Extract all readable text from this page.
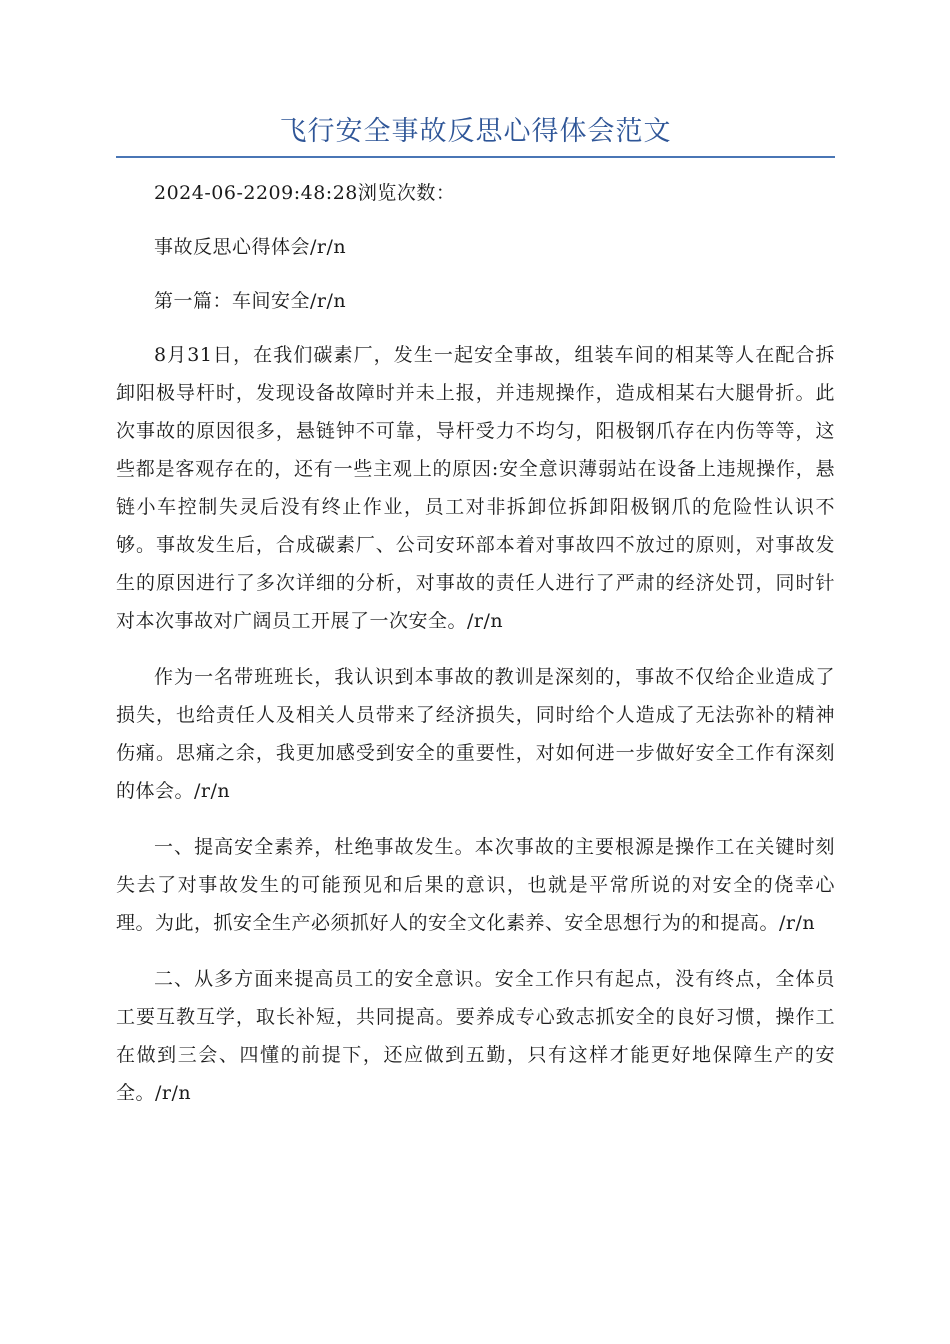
飞行安全事故反思心得体会范文

2024-06-2209:48:28浏览次数：

事故反思心得体会/r/n

第一篇：车间安全/r/n

8月31日，在我们碳素厂，发生一起安全事故，组装车间的相某等人在配合拆卸阳极导杆时，发现设备故障时并未上报，并违规操作，造成相某右大腿骨折。此次事故的原因很多，悬链钟不可靠，导杆受力不均匀，阳极钢爪存在内伤等等，这些都是客观存在的，还有一些主观上的原因:安全意识薄弱站在设备上违规操作，悬链小车控制失灵后没有终止作业，员工对非拆卸位拆卸阳极钢爪的危险性认识不够。事故发生后，合成碳素厂、公司安环部本着对事故四不放过的原则，对事故发生的原因进行了多次详细的分析，对事故的责任人进行了严肃的经济处罚，同时针对本次事故对广阔员工开展了一次安全。/r/n

作为一名带班班长，我认识到本事故的教训是深刻的，事故不仅给企业造成了损失，也给责任人及相关人员带来了经济损失，同时给个人造成了无法弥补的精神伤痛。思痛之余，我更加感受到安全的重要性，对如何进一步做好安全工作有深刻的体会。/r/n

一、提高安全素养，杜绝事故发生。本次事故的主要根源是操作工在关键时刻失去了对事故发生的可能预见和后果的意识，也就是平常所说的对安全的侥幸心理。为此，抓安全生产必须抓好人的安全文化素养、安全思想行为的和提高。/r/n

二、从多方面来提高员工的安全意识。安全工作只有起点，没有终点，全体员工要互教互学，取长补短，共同提高。要养成专心致志抓安全的良好习惯，操作工在做到三会、四懂的前提下，还应做到五勤，只有这样才能更好地保障生产的安全。/r/n
